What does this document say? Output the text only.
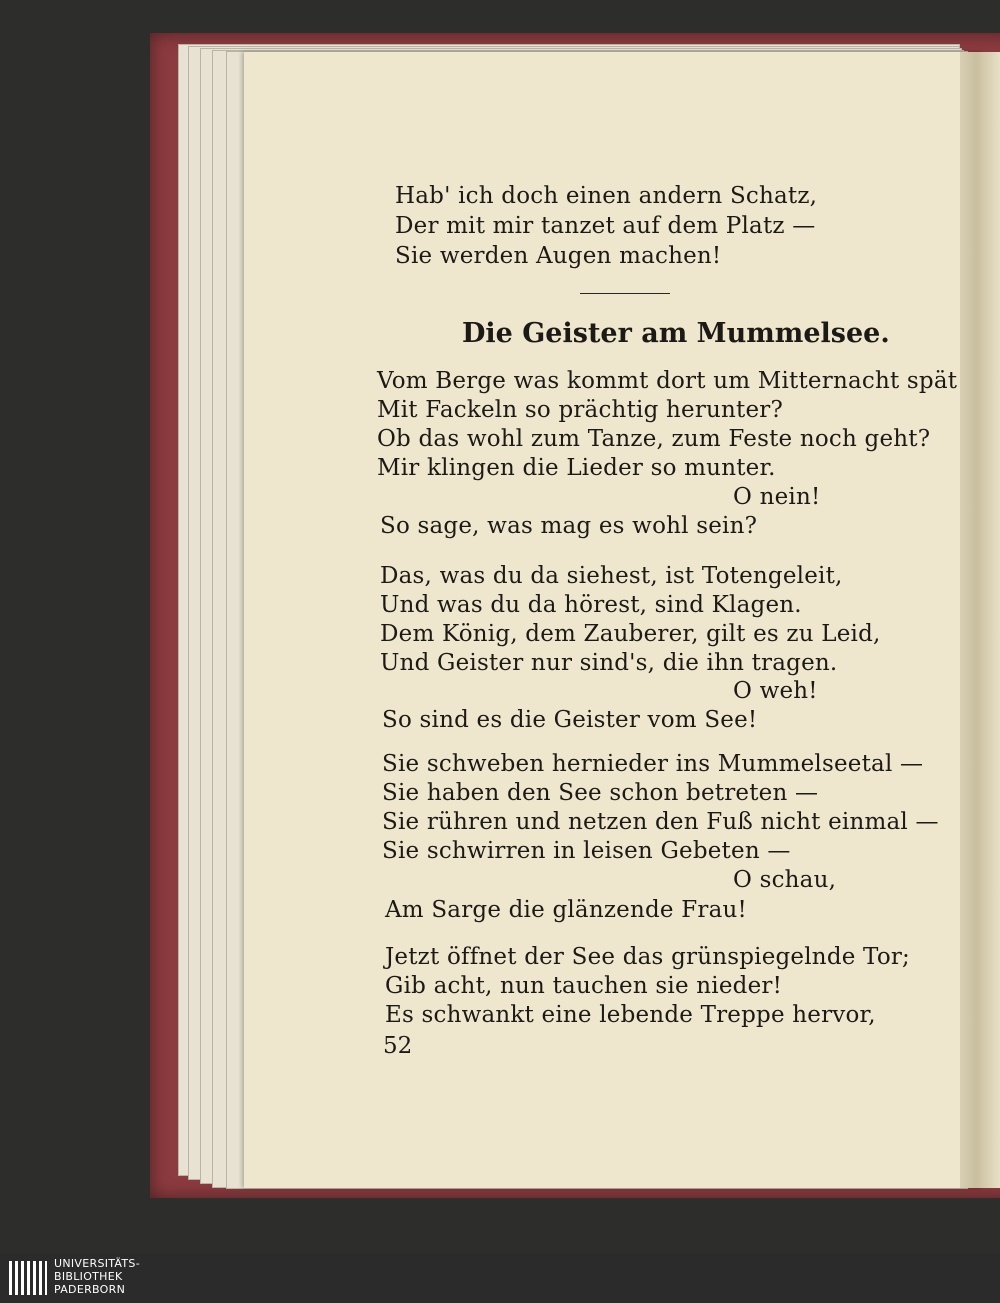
Hab' ich doch einen andern Schatz,

Der mit mir tanzet auf dem Platz —

Sie werden Augen machen!

Die Geister am Mummelsee.

Vom Berge was kommt dort um Mitternacht spät

Mit Fackeln so prächtig herunter?

Ob das wohl zum Tanze, zum Feste noch geht?

Mir klingen die Lieder so munter.

O nein!

So sage, was mag es wohl sein?

Das, was du da siehest, ist Totengeleit,

Und was du da hörest, sind Klagen.

Dem König, dem Zauberer, gilt es zu Leid,

Und Geister nur sind's, die ihn tragen.

O weh!

So sind es die Geister vom See!

Sie schweben hernieder ins Mummelseetal —

Sie haben den See schon betreten —

Sie rühren und netzen den Fuß nicht einmal —

Sie schwirren in leisen Gebeten —

O schau,

Am Sarge die glänzende Frau!

Jetzt öffnet der See das grünspiegelnde Tor;

Gib acht, nun tauchen sie nieder!

Es schwankt eine lebende Treppe hervor,

52

UNIVERSITÄTS-
BIBLIOTHEK
PADERBORN
